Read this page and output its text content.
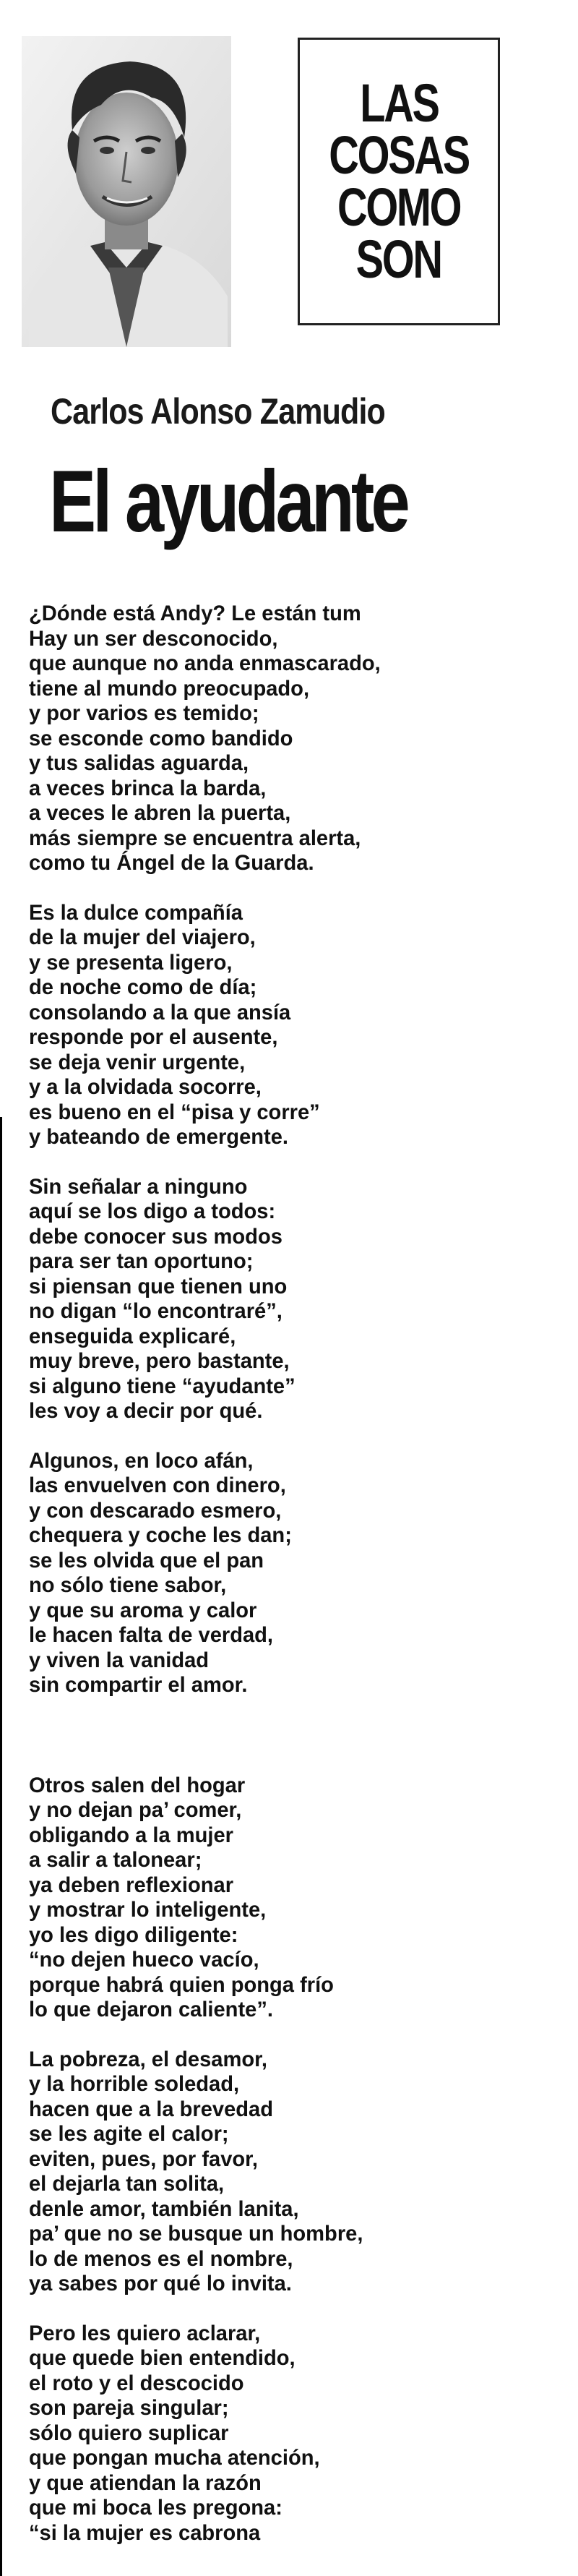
LAS
COSAS
COMO
SON
Carlos Alonso Zamudio
El ayudante
¿Dónde está Andy? Le están tum
Hay un ser desconocido,
que aunque no anda enmascarado,
tiene al mundo preocupado,
y por varios es temido;
se esconde como bandido
y tus salidas aguarda,
a veces brinca la barda,
a veces le abren la puerta,
más siempre se encuentra alerta,
como tu Ángel de la Guarda.
Es la dulce compañía
de la mujer del viajero,
y se presenta ligero,
de noche como de día;
consolando a la que ansía
responde por el ausente,
se deja venir urgente,
y a la olvidada socorre,
es bueno en el “pisa y corre”
y bateando de emergente.
Sin señalar a ninguno
aquí se los digo a todos:
debe conocer sus modos
para ser tan oportuno;
si piensan que tienen uno
no digan “lo encontraré”,
enseguida explicaré,
muy breve, pero bastante,
si alguno tiene “ayudante”
les voy a decir por qué.
Algunos, en loco afán,
las envuelven con dinero,
y con descarado esmero,
chequera y coche les dan;
se les olvida que el pan
no sólo tiene sabor,
y que su aroma y calor
le hacen falta de verdad,
y viven la vanidad
sin compartir el amor.
Otros salen del hogar
y no dejan pa’ comer,
obligando a la mujer
a salir a talonear;
ya deben reflexionar
y mostrar lo inteligente,
yo les digo diligente:
“no dejen hueco vacío,
porque habrá quien ponga frío
lo que dejaron caliente”.
La pobreza, el desamor,
y la horrible soledad,
hacen que a la brevedad
se les agite el calor;
eviten, pues, por favor,
el dejarla tan solita,
denle amor, también lanita,
pa’ que no se busque un hombre,
lo de menos es el nombre,
ya sabes por qué lo invita.
Pero les quiero aclarar,
que quede bien entendido,
el roto y el descocido
son pareja singular;
sólo quiero suplicar
que pongan mucha atención,
y que atiendan la razón
que mi boca les pregona:
“si la mujer es cabrona
